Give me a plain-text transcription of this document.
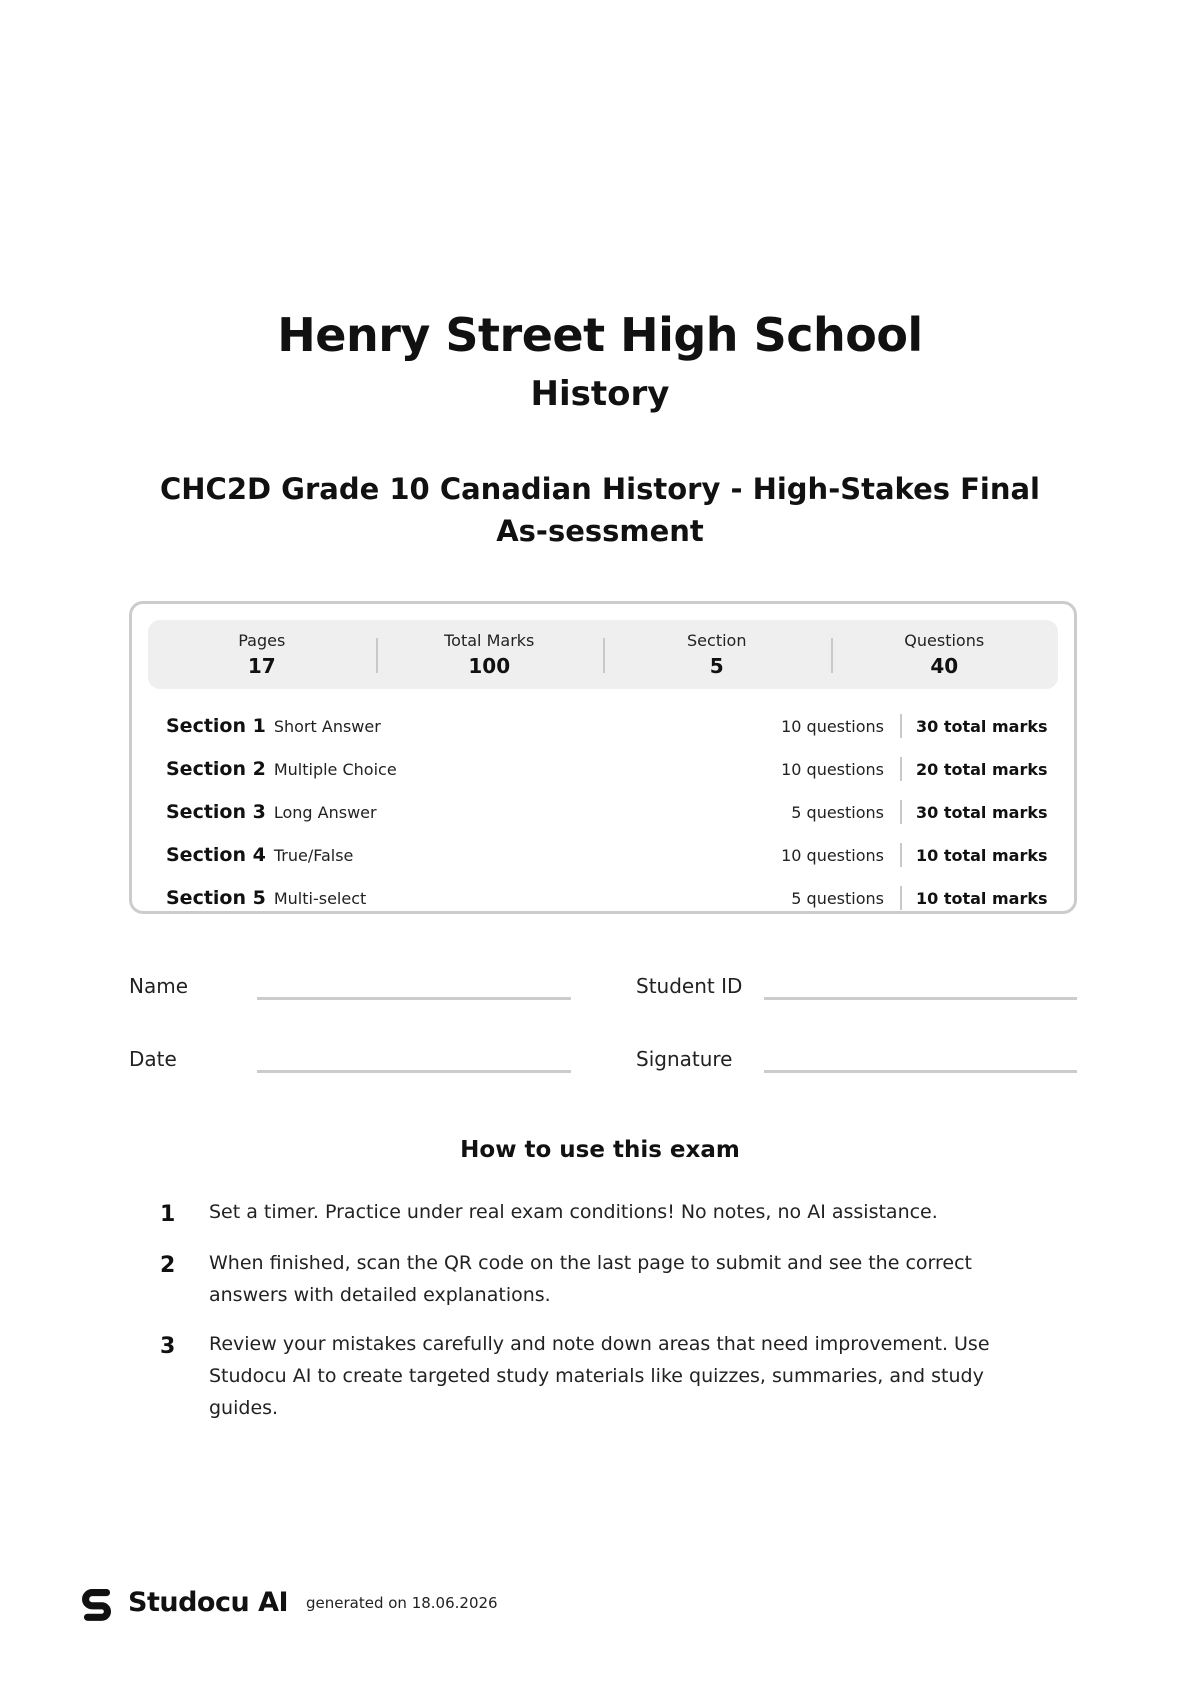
Henry Street High School
History
CHC2D Grade 10 Canadian History - High-Stakes Final As-sessment
Pages
17
Total Marks
100
Section
5
Questions
40
Section 1 Short Answer	10 questions 30 total marks
Section 2 Multiple Choice	10 questions 20 total marks
Section 3 Long Answer	5 questions 30 total marks
Section 4 True/False	10 questions 10 total marks
Section 5 Multi-select	5 questions 10 total marks
Name	Student ID
Date	Signature
How to use this exam
1 Set a timer. Practice under real exam conditions! No notes, no AI assistance.

2 When finished, scan the QR code on the last page to submit and see the correct answers with detailed explanations.

3 Review your mistakes carefully and note down areas that need improvement. Use Studocu AI to create targeted study materials like quizzes, summaries, and study guides.

Studocu AI generated on 18.06.2026
